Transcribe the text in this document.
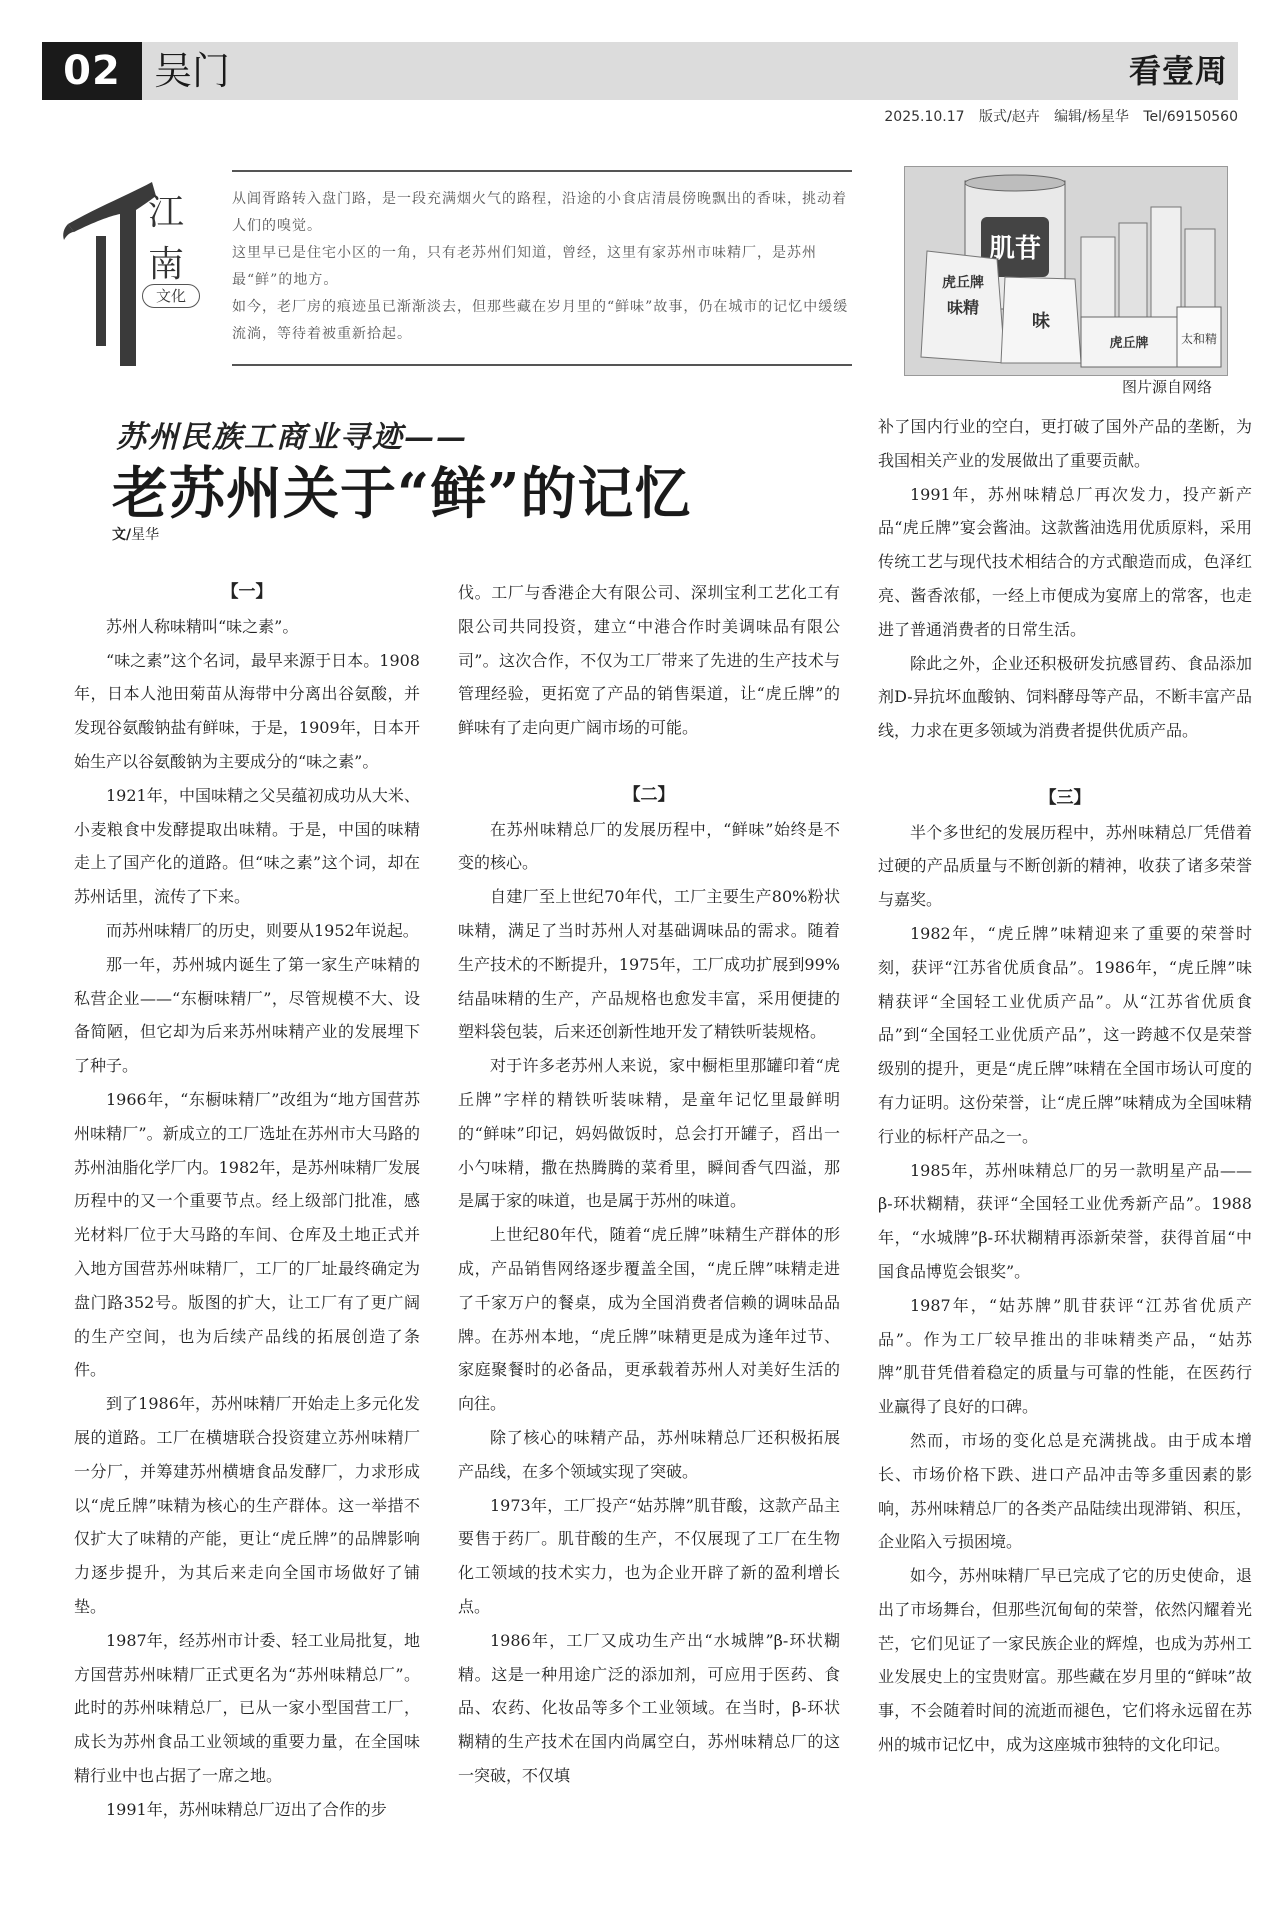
02 吴门	看壹周
2025.10.17 版式/赵卉 编辑/杨星华 Tel/69150560
江
南
文化

从阊胥路转入盘门路，是一段充满烟火气的路程，沿途的小食店清晨傍晚飘出的香味，挑动着人们的嗅觉。

这里早已是住宅小区的一角，只有老苏州们知道，曾经，这里有家苏州市味精厂，是苏州最“鲜”的地方。

如今，老厂房的痕迹虽已渐渐淡去，但那些藏在岁月里的“鲜味”故事，仍在城市的记忆中缓缓流淌，等待着被重新拾起。

肌苷
虎丘牌
味精
味
虎丘牌	太和精
图片源自网络
苏州民族工商业寻迹——
老苏州关于“鲜”的记忆
文/星华
【一】

苏州人称味精叫“味之素”。

“味之素”这个名词，最早来源于日本。1908年，日本人池田菊苗从海带中分离出谷氨酸，并发现谷氨酸钠盐有鲜味，于是，1909年，日本开始生产以谷氨酸钠为主要成分的“味之素”。

1921年，中国味精之父吴蕴初成功从大米、小麦粮食中发酵提取出味精。于是，中国的味精走上了国产化的道路。但“味之素”这个词，却在苏州话里，流传了下来。

而苏州味精厂的历史，则要从1952年说起。

那一年，苏州城内诞生了第一家生产味精的私营企业——“东橱味精厂”，尽管规模不大、设备简陋，但它却为后来苏州味精产业的发展埋下了种子。

1966年，“东橱味精厂”改组为“地方国营苏州味精厂”。新成立的工厂选址在苏州市大马路的苏州油脂化学厂内。1982年，是苏州味精厂发展历程中的又一个重要节点。经上级部门批准，感光材料厂位于大马路的车间、仓库及土地正式并入地方国营苏州味精厂，工厂的厂址最终确定为盘门路352号。版图的扩大，让工厂有了更广阔的生产空间，也为后续产品线的拓展创造了条件。

到了1986年，苏州味精厂开始走上多元化发展的道路。工厂在横塘联合投资建立苏州味精厂一分厂，并筹建苏州横塘食品发酵厂，力求形成以“虎丘牌”味精为核心的生产群体。这一举措不仅扩大了味精的产能，更让“虎丘牌”的品牌影响力逐步提升，为其后来走向全国市场做好了铺垫。

1987年，经苏州市计委、轻工业局批复，地方国营苏州味精厂正式更名为“苏州味精总厂”。此时的苏州味精总厂，已从一家小型国营工厂，成长为苏州食品工业领域的重要力量，在全国味精行业中也占据了一席之地。

1991年，苏州味精总厂迈出了合作的步

伐。工厂与香港企大有限公司、深圳宝利工艺化工有限公司共同投资，建立“中港合作时美调味品有限公司”。这次合作，不仅为工厂带来了先进的生产技术与管理经验，更拓宽了产品的销售渠道，让“虎丘牌”的鲜味有了走向更广阔市场的可能。

【二】

在苏州味精总厂的发展历程中，“鲜味”始终是不变的核心。

自建厂至上世纪70年代，工厂主要生产80%粉状味精，满足了当时苏州人对基础调味品的需求。随着生产技术的不断提升，1975年，工厂成功扩展到99%结晶味精的生产，产品规格也愈发丰富，采用便捷的塑料袋包装，后来还创新性地开发了精铁听装规格。

对于许多老苏州人来说，家中橱柜里那罐印着“虎丘牌”字样的精铁听装味精，是童年记忆里最鲜明的“鲜味”印记，妈妈做饭时，总会打开罐子，舀出一小勺味精，撒在热腾腾的菜肴里，瞬间香气四溢，那是属于家的味道，也是属于苏州的味道。

上世纪80年代，随着“虎丘牌”味精生产群体的形成，产品销售网络逐步覆盖全国，“虎丘牌”味精走进了千家万户的餐桌，成为全国消费者信赖的调味品品牌。在苏州本地，“虎丘牌”味精更是成为逢年过节、家庭聚餐时的必备品，更承载着苏州人对美好生活的向往。

除了核心的味精产品，苏州味精总厂还积极拓展产品线，在多个领域实现了突破。

1973年，工厂投产“姑苏牌”肌苷酸，这款产品主要售于药厂。肌苷酸的生产，不仅展现了工厂在生物化工领域的技术实力，也为企业开辟了新的盈利增长点。

1986年，工厂又成功生产出“水城牌”β-环状糊精。这是一种用途广泛的添加剂，可应用于医药、食品、农药、化妆品等多个工业领域。在当时，β-环状糊精的生产技术在国内尚属空白，苏州味精总厂的这一突破，不仅填

补了国内行业的空白，更打破了国外产品的垄断，为我国相关产业的发展做出了重要贡献。

1991年，苏州味精总厂再次发力，投产新产品“虎丘牌”宴会酱油。这款酱油选用优质原料，采用传统工艺与现代技术相结合的方式酿造而成，色泽红亮、酱香浓郁，一经上市便成为宴席上的常客，也走进了普通消费者的日常生活。

除此之外，企业还积极研发抗感冒药、食品添加剂D-异抗坏血酸钠、饲料酵母等产品，不断丰富产品线，力求在更多领域为消费者提供优质产品。

【三】

半个多世纪的发展历程中，苏州味精总厂凭借着过硬的产品质量与不断创新的精神，收获了诸多荣誉与嘉奖。

1982年，“虎丘牌”味精迎来了重要的荣誉时刻，获评“江苏省优质食品”。1986年，“虎丘牌”味精获评“全国轻工业优质产品”。从“江苏省优质食品”到“全国轻工业优质产品”，这一跨越不仅是荣誉级别的提升，更是“虎丘牌”味精在全国市场认可度的有力证明。这份荣誉，让“虎丘牌”味精成为全国味精行业的标杆产品之一。

1985年，苏州味精总厂的另一款明星产品——β-环状糊精，获评“全国轻工业优秀新产品”。1988年，“水城牌”β-环状糊精再添新荣誉，获得首届“中国食品博览会银奖”。

1987年，“姑苏牌”肌苷获评“江苏省优质产品”。作为工厂较早推出的非味精类产品，“姑苏牌”肌苷凭借着稳定的质量与可靠的性能，在医药行业赢得了良好的口碑。

然而，市场的变化总是充满挑战。由于成本增长、市场价格下跌、进口产品冲击等多重因素的影响，苏州味精总厂的各类产品陆续出现滞销、积压，企业陷入亏损困境。

如今，苏州味精厂早已完成了它的历史使命，退出了市场舞台，但那些沉甸甸的荣誉，依然闪耀着光芒，它们见证了一家民族企业的辉煌，也成为苏州工业发展史上的宝贵财富。那些藏在岁月里的“鲜味”故事，不会随着时间的流逝而褪色，它们将永远留在苏州的城市记忆中，成为这座城市独特的文化印记。
